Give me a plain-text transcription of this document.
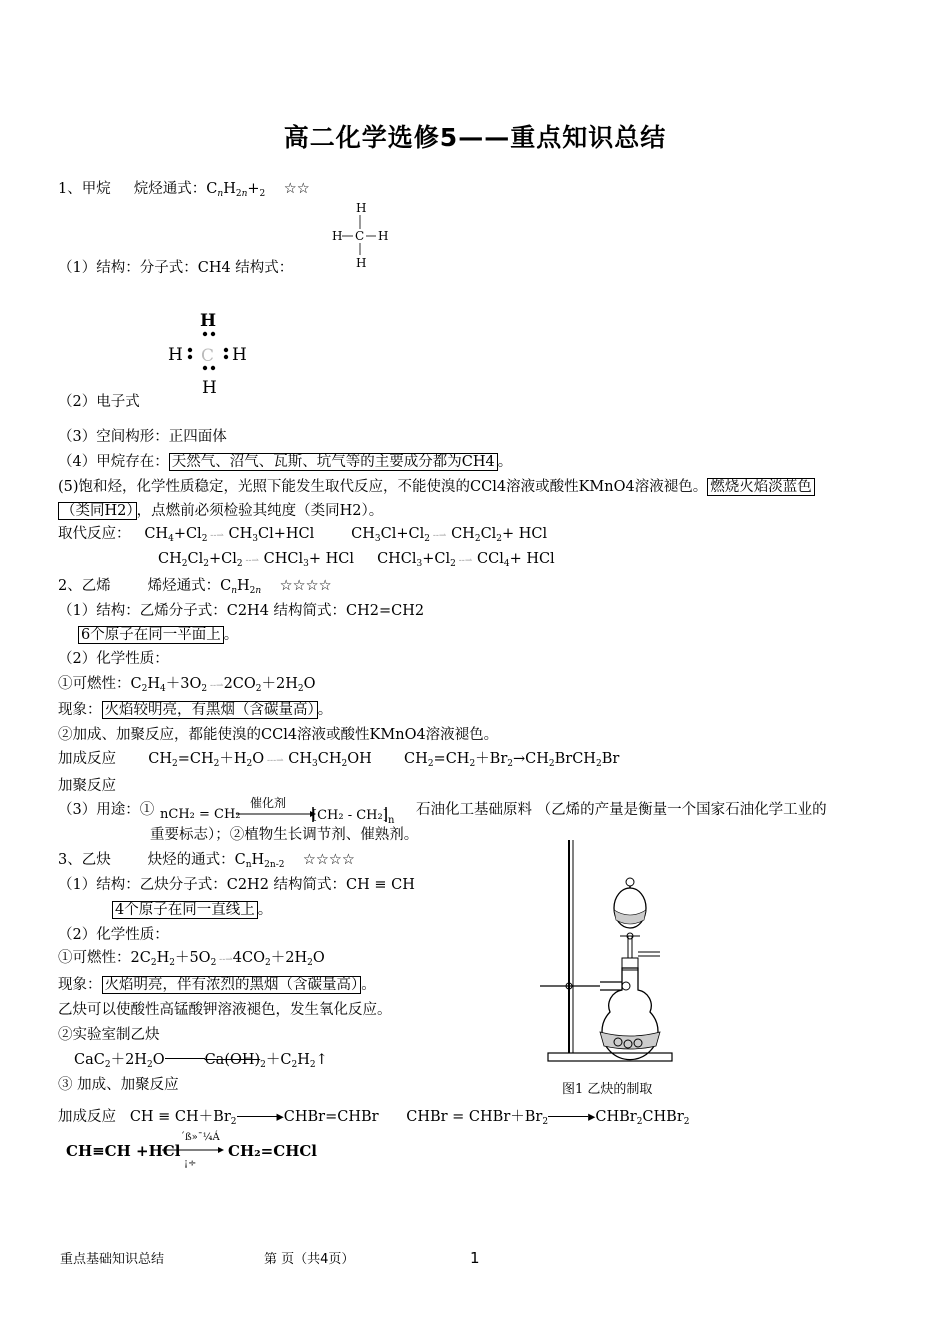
高二化学选修5——重点知识总结
1、甲烷 烷烃通式：$C_nH_{2n}+_2$ ☆☆
H
H C H
H
（1）结构：分子式：CH4 结构式：
H
H C H
H
（2）电子式
（3）空间构形：正四面体
（4）甲烷存在： 天然气、沼气、瓦斯、坑气等的主要成分都为CH4 。
(5)饱和烃，化学性质稳定，光照下能发生取代反应，不能使溴的CCl4溶液或酸性KMnO4溶液褪色。 燃烧火焰淡蓝色
（类同H2） ，点燃前必须检验其纯度（类同H2）。
取代反应：   $CH_4+Cl_2$ ‐‐⇀ $CH_3Cl+HCl$        $CH_3Cl+Cl_2$ ‐‐⇀ $CH_2Cl_2+$ HCl
$CH_2Cl_2+Cl_2$ ‐‐⇀ CHCl$_3$+ HCl     $CHCl_3+Cl_2$ ‐‐⇀ CCl$_4$+ HCl
2、乙烯	烯烃通式：$C_nH_{2n}$ ☆☆☆☆
（1）结构：乙烯分子式：C2H4 结构简式：CH2=CH2
6个原子在同一平面上 。
（2）化学性质：
①可燃性：$C_2H_4+3O_2$ $‐‐⇀2CO_2+2H_2O$
现象： 火焰较明亮，有黑烟（含碳量高） 。
②加成、加聚反应，都能使溴的CCl4溶液或酸性KMnO4溶液褪色。
加成反应       $CH_2=CH_2+H_2O$ ‐‐‐⇀ $CH_3CH_2OH$       $CH_2=CH_2+Br_2\to CH_2BrCH_2Br$
加聚反应
（3）用途：① nCH₂ = CH₂
催化剂
[CH₂ - CH₂] n
石油化工基础原料 （乙烯的产量是衡量一个国家石油化学工业的
重要标志）；②植物生长调节剂、催熟剂。
3、乙炔	炔烃的通式：$C_nH_{2n-2}$ ☆☆☆☆
（1）结构：乙炔分子式：C2H2 结构简式：CH ≡ CH
4个原子在同一直线上 。
（2）化学性质：
①可燃性：$2C_2H_2+5O_2$ $‐‐⇀4CO_2+2H_2O$
现象： 火焰明亮，伴有浓烈的黑烟（含碳量高） 。
乙炔可以使酸性高锰酸钾溶液褪色，发生氧化反应。
②实验室制乙炔
$CaC_2+2H_2O$	$Ca(OH)_2+C_2H_2↑$
③ 加成、加聚反应
加成反应   CH ≡ $CH+Br_2$	▸CHBr=CHBr      CHBr = $CHBr+Br_2$	▸CHBr$_2$CHBr$_2$
CH≡CH +HCl
´ß»¯¼Á
¡÷
CH₂=CHCl
图1 乙炔的制取
重点基础知识总结	第 页（共4页）	1
